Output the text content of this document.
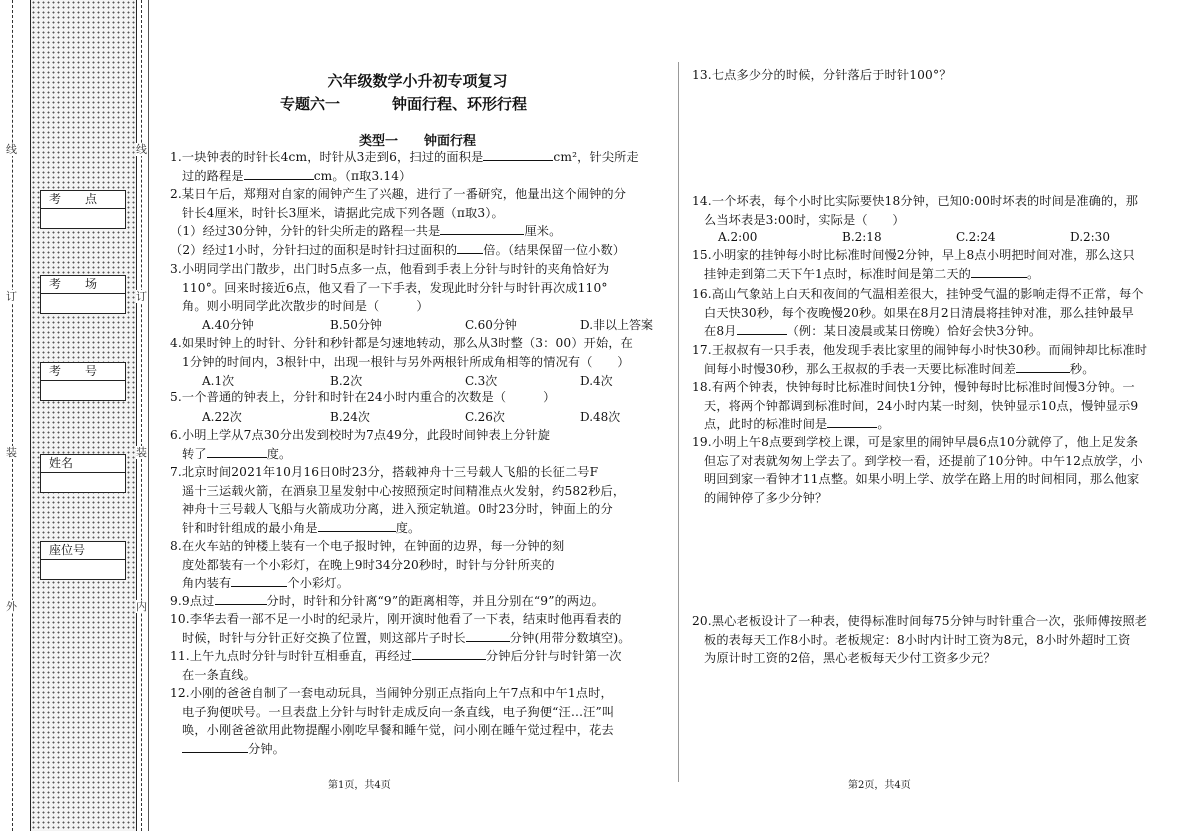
线
订
装
外
线
订
装
内
考　　点
考　　场
考　　号
姓名
座位号
六年级数学小升初专项复习
专题六一	钟面行程、环形行程
类型一　　钟面行程
1.一块钟表的时针长4cm，时针从3走到6，扫过的面积是	cm²，针尖所走
过的路程是	cm。（π取3.14）
2.某日午后，郑翔对自家的闹钟产生了兴趣，进行了一番研究，他量出这个闹钟的分
针长4厘米，时针长3厘米，请据此完成下列各题（π取3）。
（1）经过30分钟，分针的针尖所走的路程一共是	厘米。
（2）经过1小时，分针扫过的面积是时针扫过面积的 倍。（结果保留一位小数）
3.小明同学出门散步，出门时5点多一点，他看到手表上分针与时针的夹角恰好为
110°。回来时接近6点，他又看了一下手表，发现此时分针与时针再次成110°
角。则小明同学此次散步的时间是（　　　）
A.40分钟	B.50分钟	C.60分钟	D.非以上答案
4.如果时钟上的时针、分针和秒针都是匀速地转动，那么从3时整（3：00）开始，在
1分钟的时间内，3根针中，出现一根针与另外两根针所成角相等的情况有（　　）
A.1次	B.2次	C.3次	D.4次
5.一个普通的钟表上，分针和时针在24小时内重合的次数是（　　　）
A.22次	B.24次	C.26次	D.48次
6.小明上学从7点30分出发到校时为7点49分，此段时间钟表上分针旋
转了	度。
7.北京时间2021年10月16日0时23分，搭载神舟十三号载人飞船的长征二号F
遥十三运载火箭，在酒泉卫星发射中心按照预定时间精准点火发射，约582秒后，
神舟十三号载人飞船与火箭成功分离，进入预定轨道。0时23分时，钟面上的分
针和时针组成的最小角是	度。
8.在火车站的钟楼上装有一个电子报时钟，在钟面的边界，每一分钟的刻
度处都装有一个小彩灯，在晚上9时34分20秒时，时针与分针所夹的
角内装有	个小彩灯。
9.9点过	分时，时针和分针离“9”的距离相等，并且分别在“9”的两边。
10.李华去看一部不足一小时的纪录片，刚开演时他看了一下表，结束时他再看表的
时候，时针与分针正好交换了位置，则这部片子时长	分钟(用带分数填空)。
11.上午九点时分针与时针互相垂直，再经过	分钟后分针与时针第一次
在一条直线。
12.小刚的爸爸自制了一套电动玩具，当闹钟分别正点指向上午7点和中午1点时，
电子狗便吠号。一旦表盘上分针与时针走成反向一条直线，电子狗便“汪…汪”叫
唤，小刚爸爸欲用此物提醒小刚吃早餐和睡午觉，问小刚在睡午觉过程中，花去
分钟。
第1页，共4页
13.七点多少分的时候，分针落后于时针100°？
14.一个坏表，每个小时比实际要快18分钟，已知0:00时坏表的时间是准确的，那
么当坏表是3:00时，实际是（　　）
A.2:00	B.2:18	C.2:24	D.2:30
15.小明家的挂钟每小时比标准时间慢2分钟，早上8点小明把时间对准，那么这只
挂钟走到第二天下午1点时，标准时间是第二天的	。
16.高山气象站上白天和夜间的气温相差很大，挂钟受气温的影响走得不正常，每个
白天快30秒，每个夜晚慢20秒。如果在8月2日清晨将挂钟对准，那么挂钟最早
在8月	（例：某日凌晨或某日傍晚）恰好会快3分钟。
17.王叔叔有一只手表，他发现手表比家里的闹钟每小时快30秒。而闹钟却比标准时
间每小时慢30秒，那么王叔叔的手表一天要比标准时间差	秒。
18.有两个钟表，快钟每时比标准时间快1分钟，慢钟每时比标准时间慢3分钟。一
天，将两个钟都调到标准时间，24小时内某一时刻，快钟显示10点，慢钟显示9
点，此时的标准时间是	。
19.小明上午8点要到学校上课，可是家里的闹钟早晨6点10分就停了，他上足发条
但忘了对表就匆匆上学去了。到学校一看，还提前了10分钟。中午12点放学，小
明回到家一看钟才11点整。如果小明上学、放学在路上用的时间相同，那么他家
的闹钟停了多少分钟？
20.黑心老板设计了一种表，使得标准时间每75分钟与时针重合一次，张师傅按照老
板的表每天工作8小时。老板规定：8小时内计时工资为8元，8小时外超时工资
为原计时工资的2倍，黑心老板每天少付工资多少元？
第2页，共4页
